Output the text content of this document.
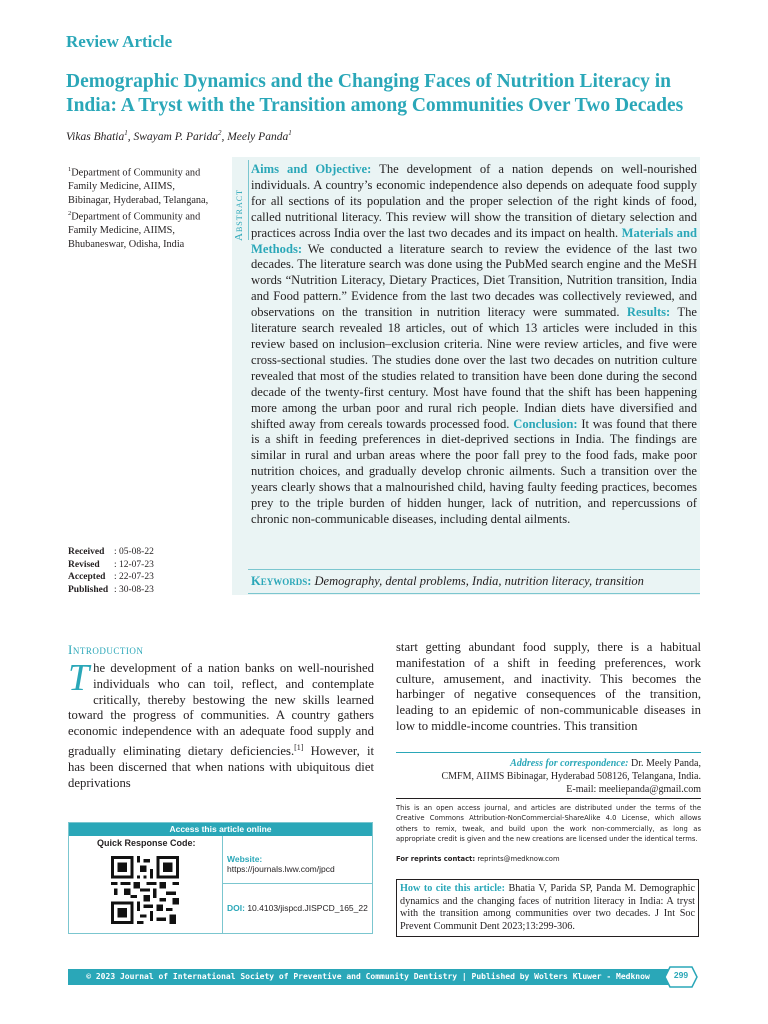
Review Article
Demographic Dynamics and the Changing Faces of Nutrition Literacy in India: A Tryst with the Transition among Communities Over Two Decades
Vikas Bhatia$^1$, Swayam P. Parida$^2$, Meely Panda$^1$
$^1$Department of Community and Family Medicine, AIIMS, Bibinagar, Hyderabad, Telangana, $^2$Department of Community and Family Medicine, AIIMS, Bhubaneswar, Odisha, India
Abstract

Aims and Objective: The development of a nation depends on well-nourished individuals. A country’s economic independence also depends on adequate food supply for all sections of its population and the proper selection of the right kinds of food, called nutritional literacy. This review will show the transition of dietary selection and practices across India over the last two decades and its impact on health. Materials and Methods: We conducted a literature search to review the evidence of the last two decades. The literature search was done using the PubMed search engine and the MeSH words “Nutrition Literacy, Dietary Practices, Diet Transition, Nutrition transition, India and Food pattern.” Evidence from the last two decades was collectively reviewed, and observations on the transition in nutrition literacy were summated. Results: The literature search revealed 18 articles, out of which 13 articles were included in this review based on inclusion–exclusion criteria. Nine were review articles, and five were cross-sectional studies. The studies done over the last two decades on nutrition culture revealed that most of the studies related to transition have been done during the second decade of the twenty-first century. Most have found that the shift has been happening more among the urban poor and rural rich people. Indian diets have diversified and shifted away from cereals towards processed food. Conclusion: It was found that there is a shift in feeding preferences in diet-deprived sections in India. The findings are similar in rural and urban areas where the poor fall prey to the food fads, make poor nutrition choices, and gradually develop chronic ailments. Such a transition over the years clearly shows that a malnourished child, having faulty feeding practices, becomes prey to the triple burden of hidden hunger, lack of nutrition, and repercussions of chronic non-communicable diseases, including dental ailments.

Keywords: Demography, dental problems, India, nutrition literacy, transition
Received : 05-08-22
Revised : 12-07-23
Accepted : 22-07-23
Published : 30-08-23
Introduction

The development of a nation banks on well-nourished individuals who can toil, reflect, and contemplate critically, thereby bestowing the new skills learned toward the progress of communities. A country gathers economic independence with an adequate food supply and gradually eliminating dietary deficiencies.[1] However, it has been discerned that when nations with ubiquitous diet deprivations

start getting abundant food supply, there is a habitual manifestation of a shift in feeding preferences, work culture, amusement, and inactivity. This becomes the harbinger of negative consequences of the transition, leading to an epidemic of non-communicable diseases in low to middle-income countries. This transition

Address for correspondence: Dr. Meely Panda,
CMFM, AIIMS Bibinagar, Hyderabad 508126, Telangana, India.
E-mail: meeliepanda@gmail.com
This is an open access journal, and articles are distributed under the terms of the Creative Commons Attribution-NonCommercial-ShareAlike 4.0 License, which allows others to remix, tweak, and build upon the work non-commercially, as long as appropriate credit is given and the new creations are licensed under the identical terms.
For reprints contact: reprints@medknow.com
How to cite this article: Bhatia V, Parida SP, Panda M. Demographic dynamics and the changing faces of nutrition literacy in India: A tryst with the transition among communities over two decades. J Int Soc Prevent Communit Dent 2023;13:299-306.
Access this article online
Quick Response Code:
Website: https://journals.lww.com/jpcd
DOI: 10.4103/jispcd.JISPCD_165_22
© 2023 Journal of International Society of Preventive and Community Dentistry | Published by Wolters Kluwer - Medknow	299
